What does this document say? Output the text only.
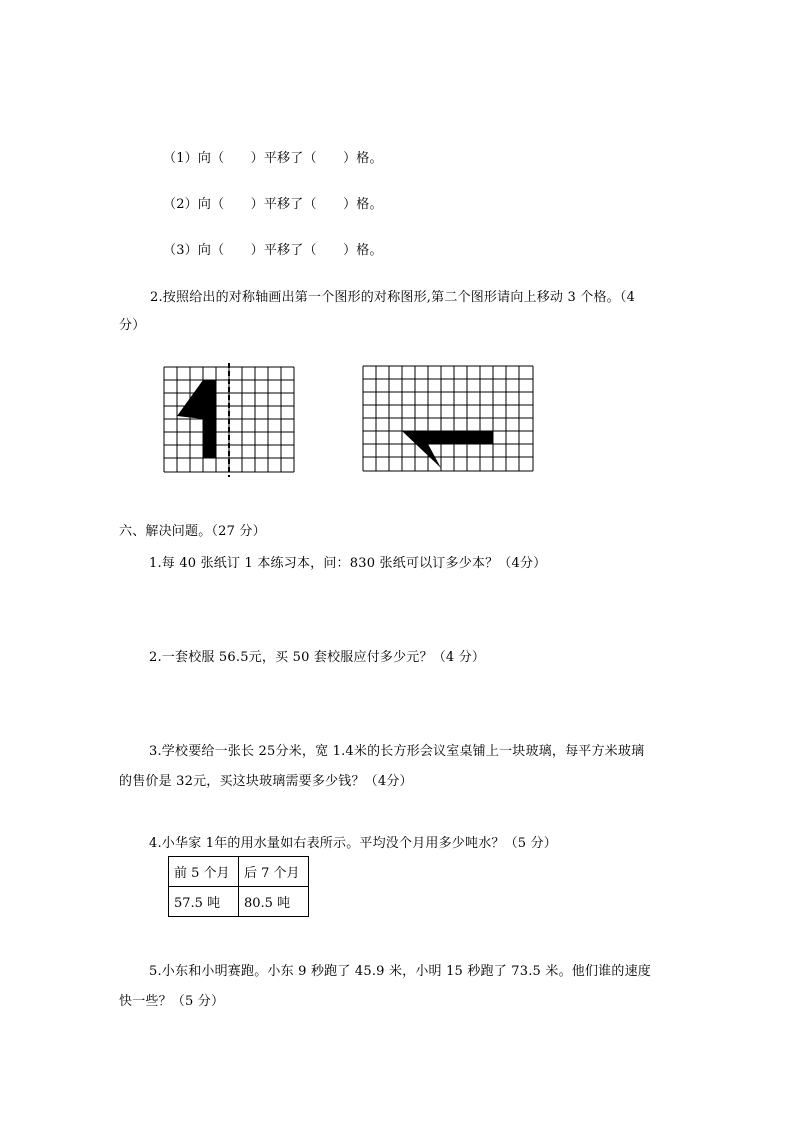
（1）向（　　）平移了（　　）格。
（2）向（　　）平移了（　　）格。
（3）向（　　）平移了（　　）格。
2.按照给出的对称轴画出第一个图形的对称图形,第二个图形请向上移动 3 个格。（4
分）
六、解决问题。（27 分）
1.每 40 张纸订 1 本练习本，问：830 张纸可以订多少本？（4分）
2.一套校服 56.5元，买 50 套校服应付多少元？（4 分）
3.学校要给一张长 25分米，宽 1.4米的长方形会议室桌铺上一块玻璃，每平方米玻璃
的售价是 32元，买这块玻璃需要多少钱？（4分）
4.小华家 1年的用水量如右表所示。平均没个月用多少吨水？（5 分）
前 5 个月	后 7 个月
57.5 吨	80.5 吨
5.小东和小明赛跑。小东 9 秒跑了 45.9 米，小明 15 秒跑了 73.5 米。他们谁的速度
快一些？（5 分）
